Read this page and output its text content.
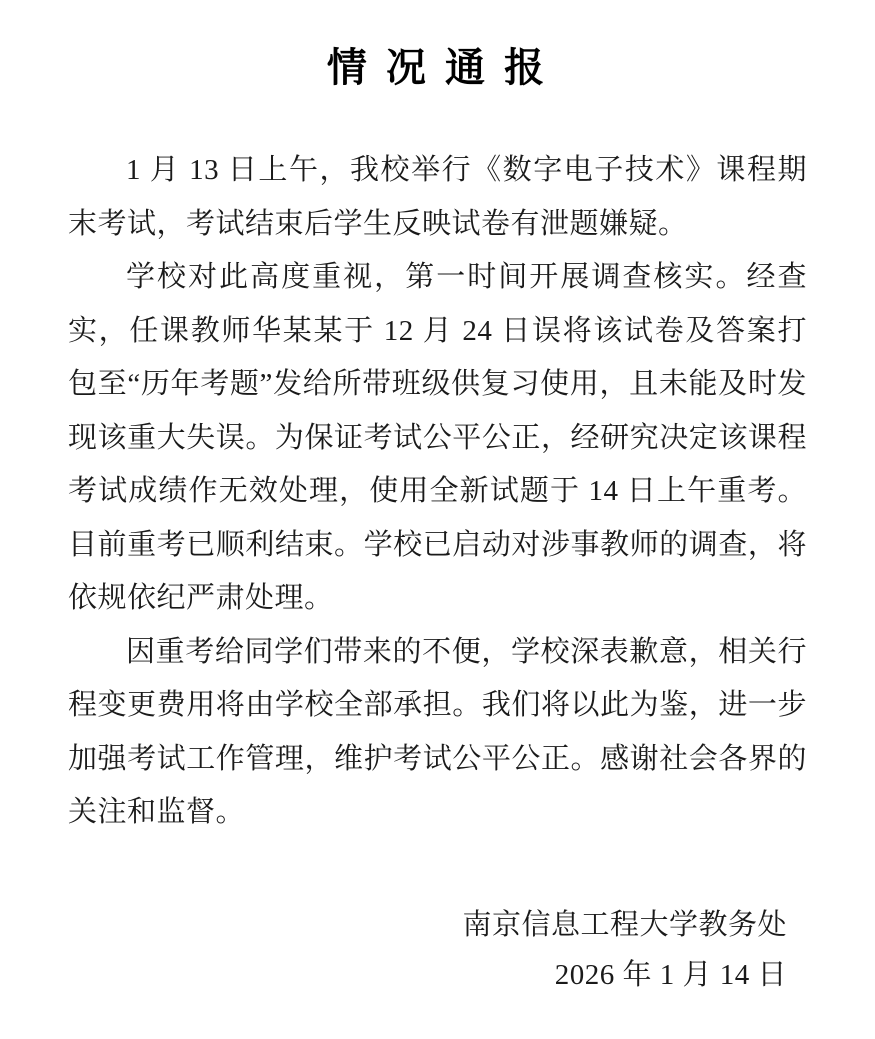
情 况 通 报

1 月 13 日上午，我校举行《数字电子技术》课程期末考试，考试结束后学生反映试卷有泄题嫌疑。

学校对此高度重视，第一时间开展调查核实。经查实，任课教师华某某于 12 月 24 日误将该试卷及答案打包至“历年考题”发给所带班级供复习使用，且未能及时发现该重大失误。为保证考试公平公正，经研究决定该课程考试成绩作无效处理，使用全新试题于 14 日上午重考。目前重考已顺利结束。学校已启动对涉事教师的调查，将依规依纪严肃处理。

因重考给同学们带来的不便，学校深表歉意，相关行程变更费用将由学校全部承担。我们将以此为鉴，进一步加强考试工作管理，维护考试公平公正。感谢社会各界的关注和监督。

南京信息工程大学教务处
2026 年 1 月 14 日
